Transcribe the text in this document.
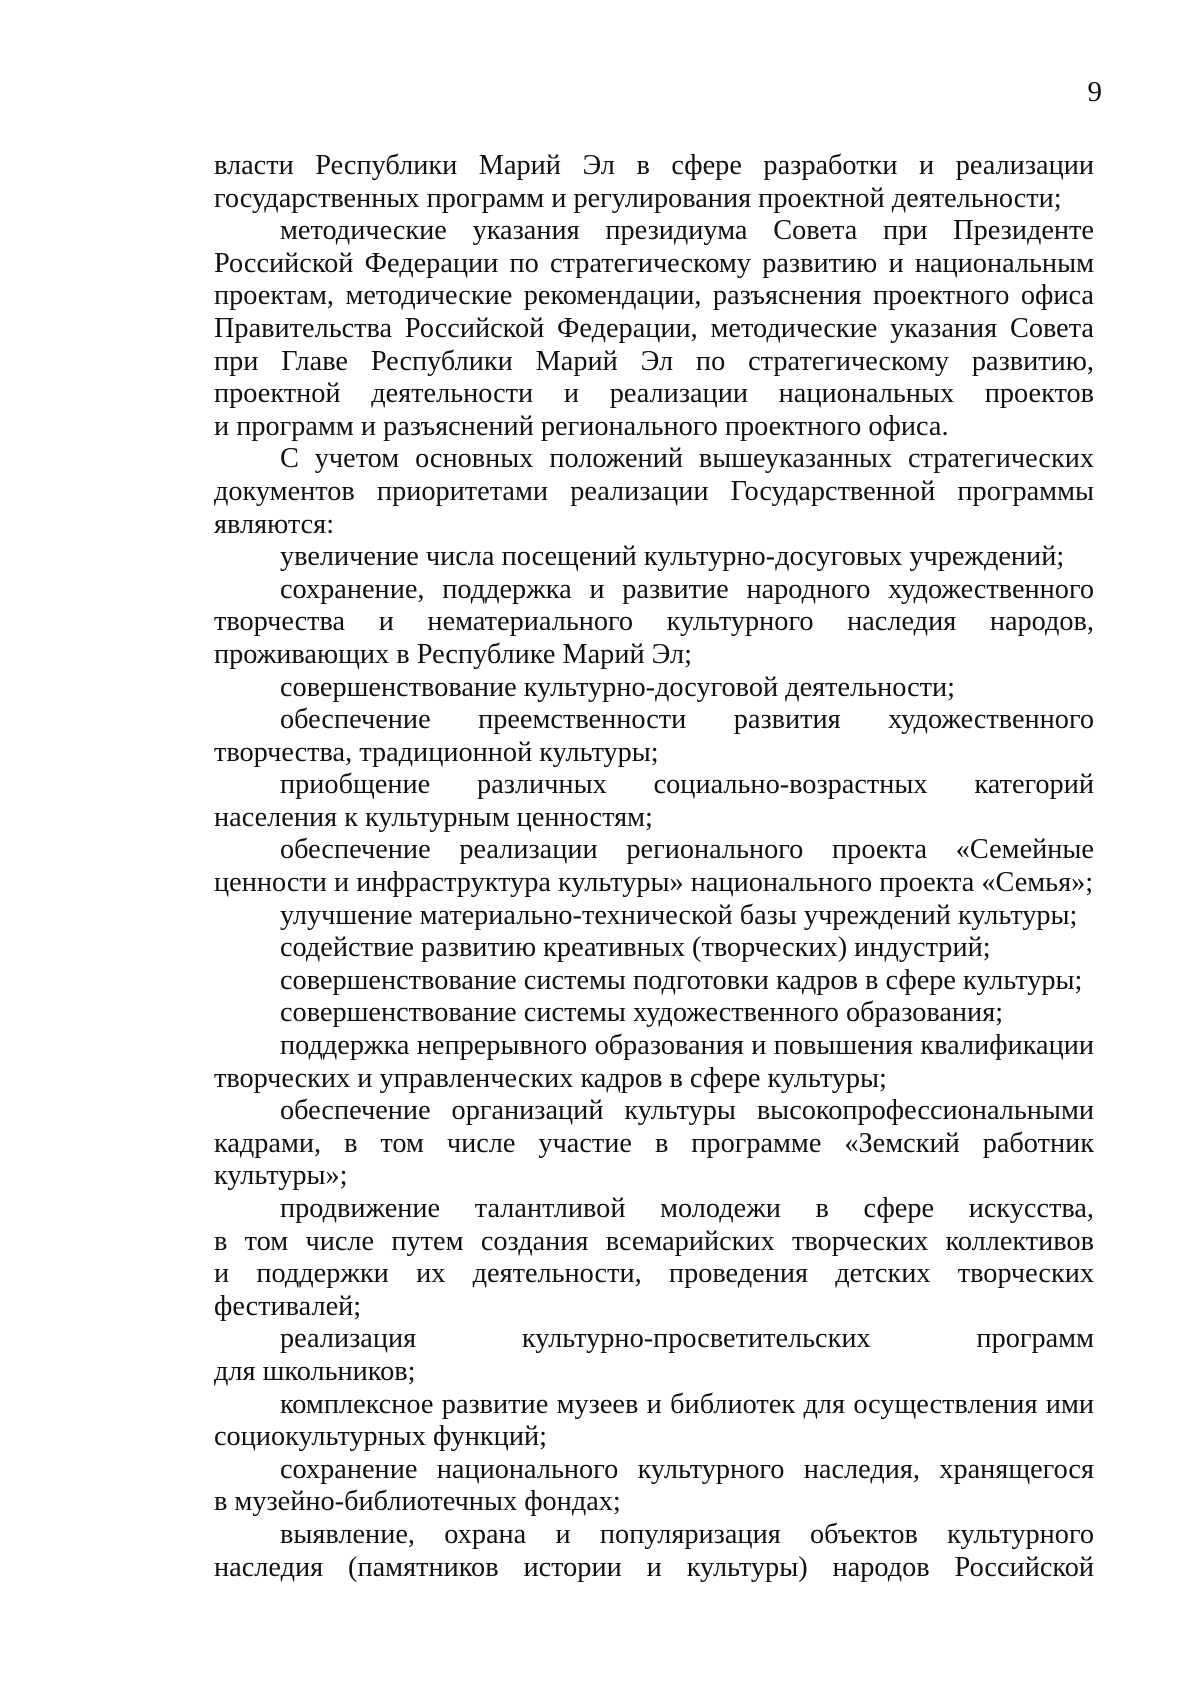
9

власти Республики Марий Эл в сфере разработки и реализации
государственных программ и регулирования проектной деятельности;

методические указания президиума Совета при Президенте
Российской Федерации по стратегическому развитию и национальным
проектам, методические рекомендации, разъяснения проектного офиса
Правительства Российской Федерации, методические указания Совета
при Главе Республики Марий Эл по стратегическому развитию,
проектной деятельности и реализации национальных проектов
и программ и разъяснений регионального проектного офиса.

С учетом основных положений вышеуказанных стратегических
документов приоритетами реализации Государственной программы
являются:

увеличение числа посещений культурно-досуговых учреждений;

сохранение, поддержка и развитие народного художественного
творчества и нематериального культурного наследия народов,
проживающих в Республике Марий Эл;

совершенствование культурно-досуговой деятельности;

обеспечение преемственности развития художественного
творчества, традиционной культуры;

приобщение различных социально-возрастных категорий
населения к культурным ценностям;

обеспечение реализации регионального проекта «Семейные
ценности и инфраструктура культуры» национального проекта «Семья»;

улучшение материально-технической базы учреждений культуры;

содействие развитию креативных (творческих) индустрий;

совершенствование системы подготовки кадров в сфере культуры;

совершенствование системы художественного образования;

поддержка непрерывного образования и повышения квалификации
творческих и управленческих кадров в сфере культуры;

обеспечение организаций культуры высокопрофессиональными
кадрами, в том числе участие в программе «Земский работник
культуры»;

продвижение талантливой молодежи в сфере искусства,
в том числе путем создания всемарийских творческих коллективов
и поддержки их деятельности, проведения детских творческих
фестивалей;

реализация культурно-просветительских программ
для школьников;

комплексное развитие музеев и библиотек для осуществления ими
социокультурных функций;

сохранение национального культурного наследия, хранящегося
в музейно-библиотечных фондах;

выявление, охрана и популяризация объектов культурного
наследия (памятников истории и культуры) народов Российской
